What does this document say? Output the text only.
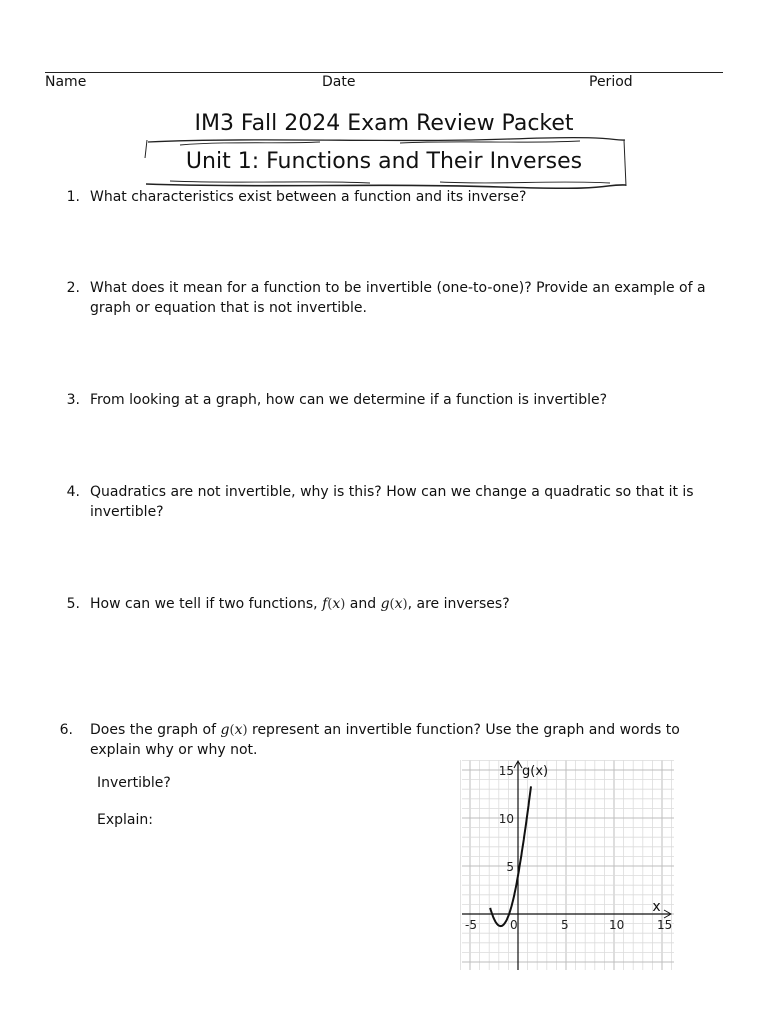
Name	Date	Period
IM3 Fall 2024 Exam Review Packet
Unit 1: Functions and Their Inverses
1. What characteristics exist between a function and its inverse?
2. What does it mean for a function to be invertible (one-to-one)? Provide an example of a graph or equation that is not invertible.
3. From looking at a graph, how can we determine if a function is invertible?
4. Quadratics are not invertible, why is this? How can we change a quadratic so that it is invertible?
5. How can we tell if two functions, f(x) and g(x), are inverses?
6. Does the graph of g(x) represent an invertible function? Use the graph and words to explain why or why not.
Invertible?
Explain:
g(x)
x
-5	0	5	10	15
5
10
15
